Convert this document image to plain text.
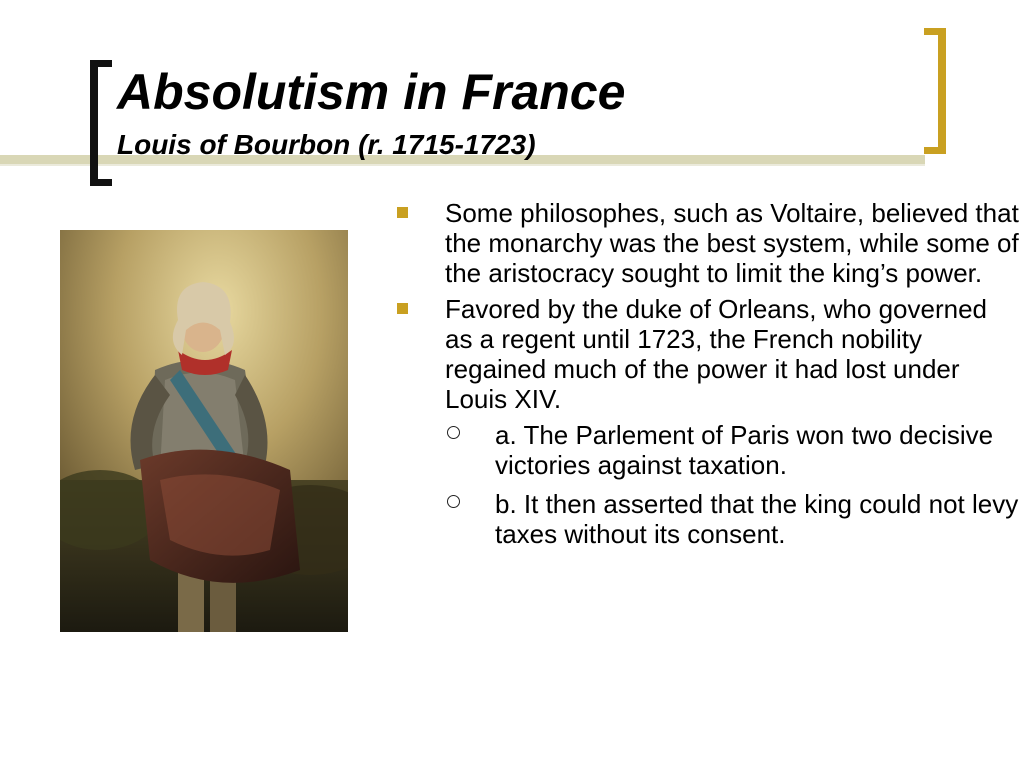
Absolutism in France
Louis of Bourbon (r. 1715-1723)
Some philosophes, such as Voltaire, believed that the monarchy was the best system, while some of the aristocracy sought to limit the king’s power.
Favored by the duke of Orleans, who governed as a regent until 1723, the French nobility regained much of the power it had lost under Louis XIV.
a. The Parlement of Paris won two decisive victories against taxation.
b. It then asserted that the king could not levy taxes without its consent.
